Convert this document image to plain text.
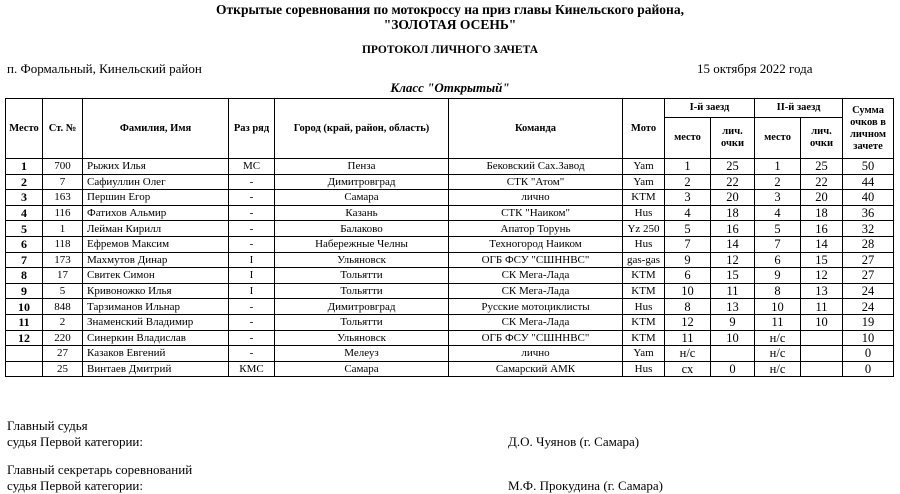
Открытые соревнования по мотокроссу на приз главы Кинельского района,
"ЗОЛОТАЯ ОСЕНЬ"
ПРОТОКОЛ ЛИЧНОГО ЗАЧЕТА
п. Формальный, Кинельский район	15 октября 2022 года
Класс "Открытый"
Место	Ст. №	Фамилия, Имя	Раз ряд	Город (край, район, область)	Команда	Мото	I-й заезд		II-й заезд		Сумма очков в личном зачете
							место	лич. очки	место	лич. очки	
1	700	Рыжих Илья	МС	Пенза	Бековский Сах.Завод	Yam	1	25	1	25	50
2	7	Сафиуллин Олег	-	Димитровград	СТК "Атом"	Yam	2	22	2	22	44
3	163	Першин Егор	-	Самара	лично	KTM	3	20	3	20	40
4	116	Фатихов Альмир	-	Казань	СТК "Наиком"	Hus	4	18	4	18	36
5	1	Лейман Кирилл	-	Балаково	Апатор Торунь	Yz 250	5	16	5	16	32
6	118	Ефремов Максим	-	Набережные Челны	Техногород Наиком	Hus	7	14	7	14	28
7	173	Махмутов Динар	I	Ульяновск	ОГБ ФСУ "СШННВС"	gas-gas	9	12	6	15	27
8	17	Свитек Симон	I	Тольятти	СК Мега-Лада	KTM	6	15	9	12	27
9	5	Кривоножко Илья	I	Тольятти	СК Мега-Лада	KTM	10	11	8	13	24
10	848	Тарзиманов Ильнар	-	Димитровград	Русские мотоциклисты	Hus	8	13	10	11	24
11	2	Знаменский Владимир	-	Тольятти	СК Мега-Лада	KTM	12	9	11	10	19
12	220	Синеркин Владислав	-	Ульяновск	ОГБ ФСУ "СШННВС"	KTM	11	10	н/с		10
	27	Казаков Евгений	-	Мелеуз	лично	Yam	н/с		н/с		0
	25	Винтаев Дмитрий	КМС	Самара	Самарский АМК	Hus	сх	0	н/с		0
Главный судья
судья Первой категории:	Д.О. Чуянов (г. Самара)
Главный секретарь соревнований
судья Первой категории:	М.Ф. Прокудина (г. Самара)
